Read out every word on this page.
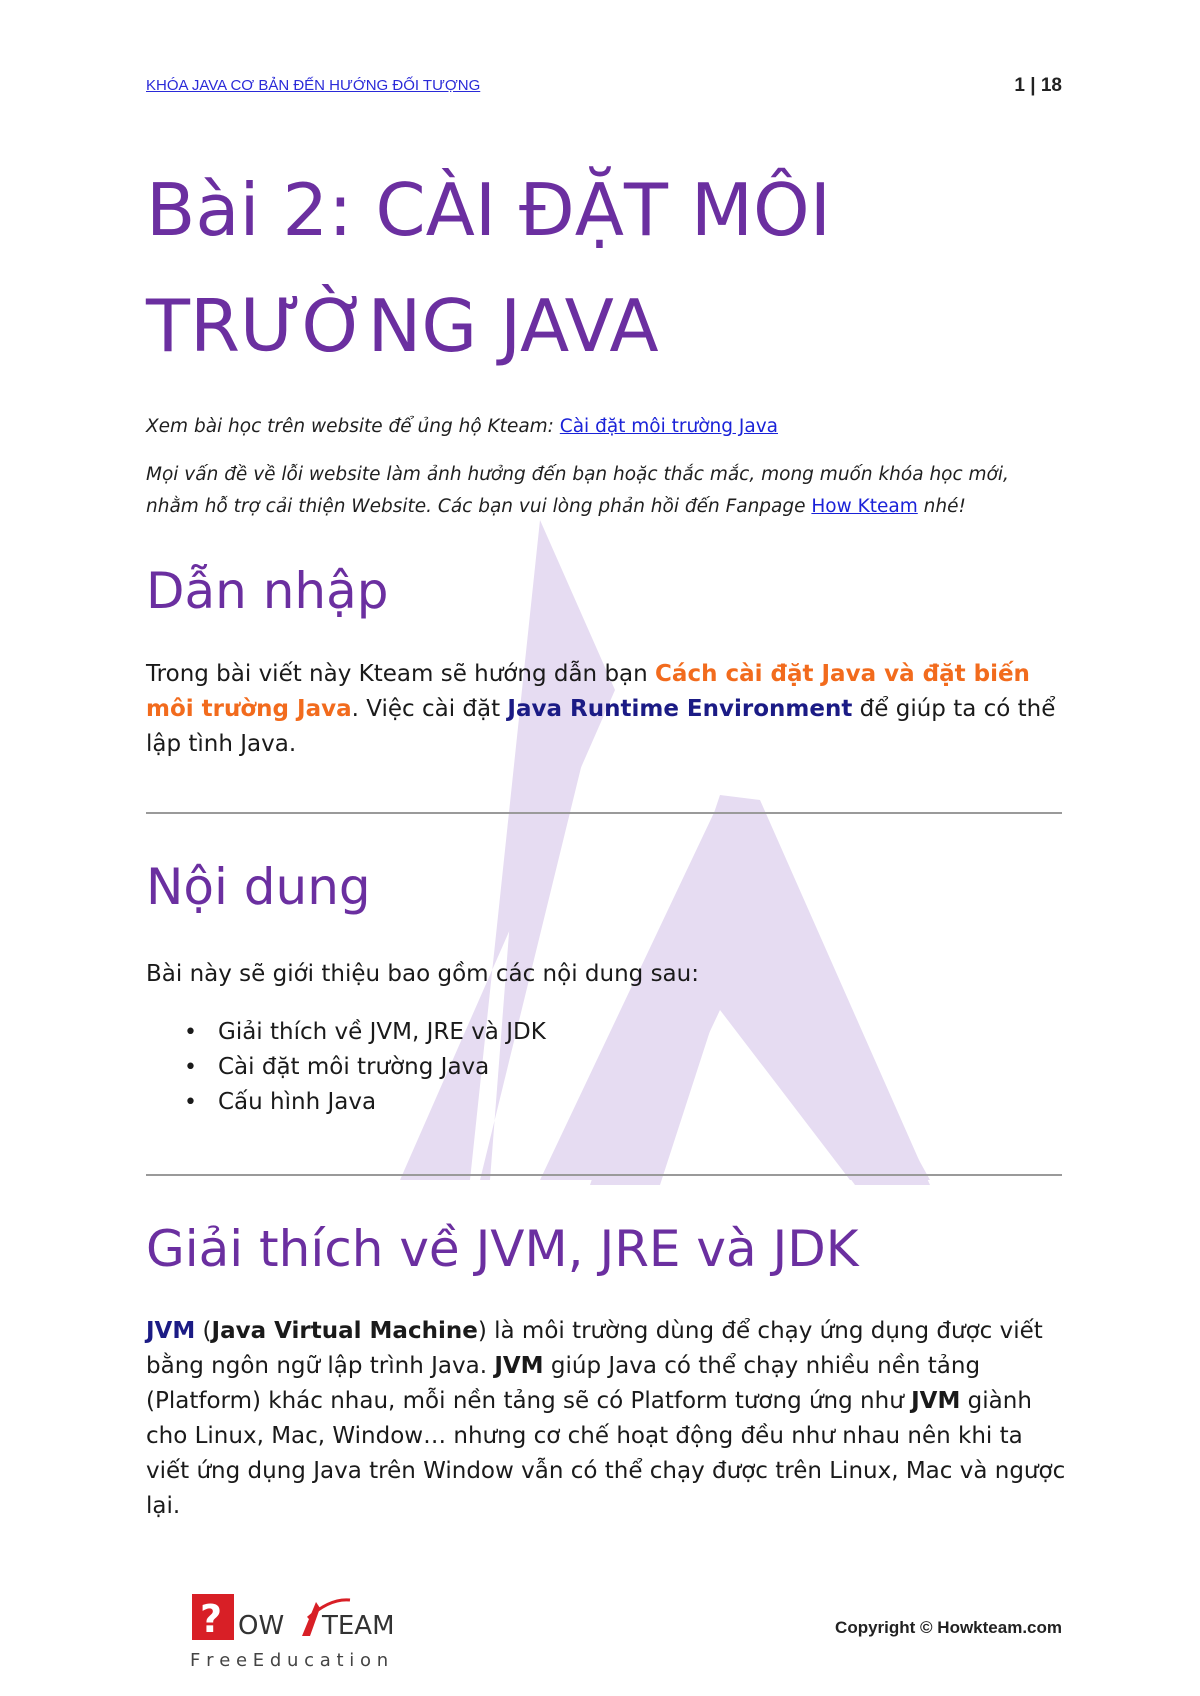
KHÓA JAVA CƠ BẢN ĐẾN HƯỚNG ĐỐI TƯỢNG	1 | 18
Bài 2: CÀI ĐẶT MÔI
TRƯỜNG JAVA
Xem bài học trên website để ủng hộ Kteam: Cài đặt môi trường Java
Mọi vấn đề về lỗi website làm ảnh hưởng đến bạn hoặc thắc mắc, mong muốn khóa học mới,
nhằm hỗ trợ cải thiện Website. Các bạn vui lòng phản hồi đến Fanpage How Kteam nhé!
Dẫn nhập
Trong bài viết này Kteam sẽ hướng dẫn bạn Cách cài đặt Java và đặt biến môi trường Java. Việc cài đặt Java Runtime Environment để giúp ta có thể lập tình Java.
Nội dung
Bài này sẽ giới thiệu bao gồm các nội dung sau:
• Giải thích về JVM, JRE và JDK
• Cài đặt môi trường Java
• Cấu hình Java
Giải thích về JVM, JRE và JDK
JVM (Java Virtual Machine) là môi trường dùng để chạy ứng dụng được viết bằng ngôn ngữ lập trình Java. JVM giúp Java có thể chạy nhiều nền tảng (Platform) khác nhau, mỗi nền tảng sẽ có Platform tương ứng như JVM giành cho Linux, Mac, Window… nhưng cơ chế hoạt động đều như nhau nên khi ta viết ứng dụng Java trên Window vẫn có thể chạy được trên Linux, Mac và ngược lại.
? OW TEAM
F r e e E d u c a t i o n
Copyright © Howkteam.com
